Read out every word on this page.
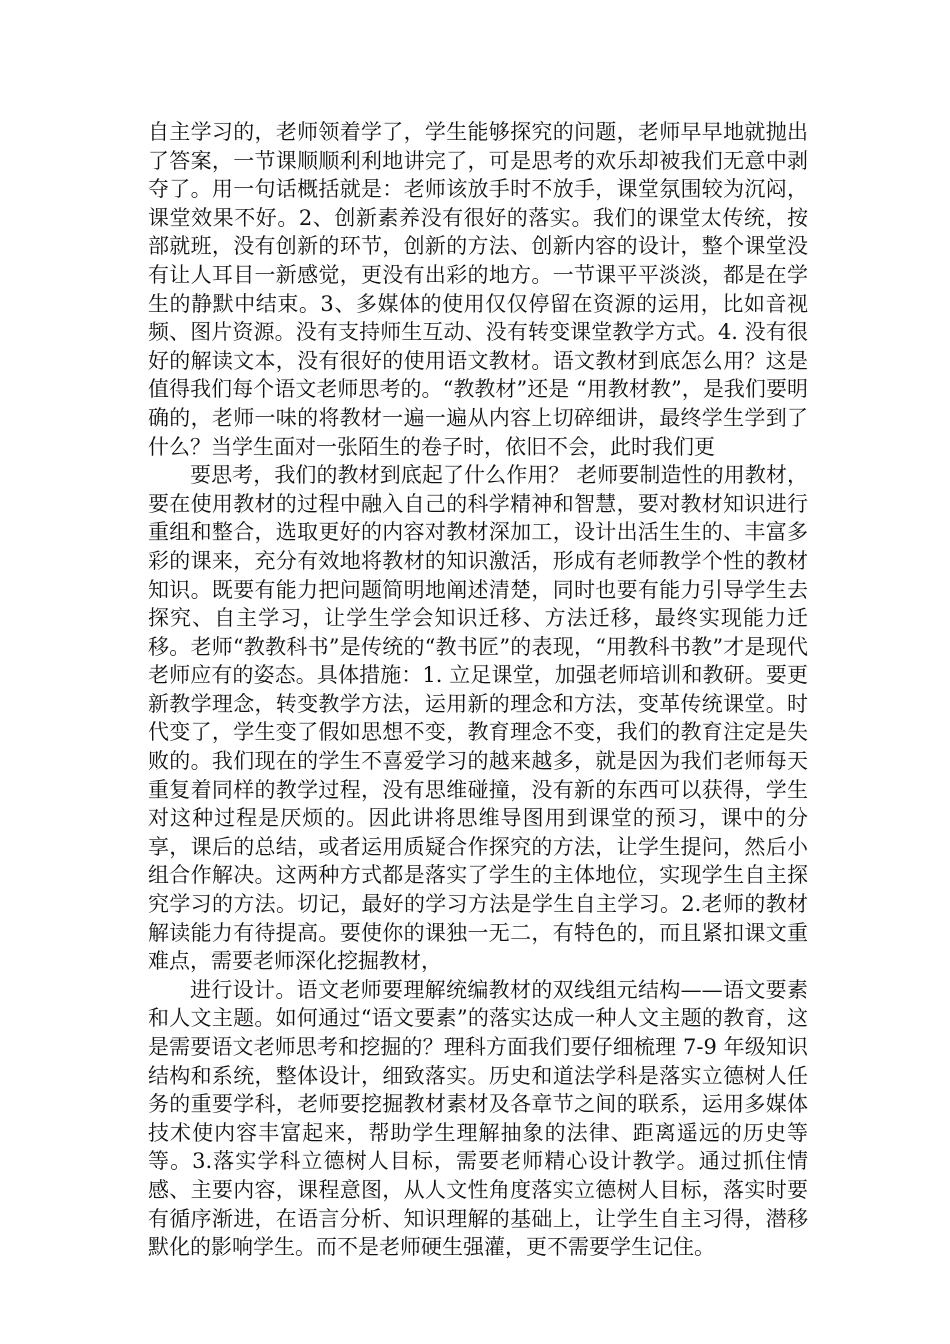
自主学习的，老师领着学了，学生能够探究的问题，老师早早地就抛出了答案，一节课顺顺利利地讲完了，可是思考的欢乐却被我们无意中剥夺了。用一句话概括就是：老师该放手时不放手，课堂氛围较为沉闷，课堂效果不好。2、创新素养没有很好的落实。我们的课堂太传统，按部就班，没有创新的环节，创新的方法、创新内容的设计，整个课堂没有让人耳目一新感觉，更没有出彩的地方。一节课平平淡淡，都是在学生的静默中结束。3、多媒体的使用仅仅停留在资源的运用，比如音视频、图片资源。没有支持师生互动、没有转变课堂教学方式。4. 没有很好的解读文本，没有很好的使用语文教材。语文教材到底怎么用？这是值得我们每个语文老师思考的。“教教材”还是 “用教材教”，是我们要明确的，老师一味的将教材一遍一遍从内容上切碎细讲，最终学生学到了什么？当学生面对一张陌生的卷子时，依旧不会，此时我们更

要思考，我们的教材到底起了什么作用？ 老师要制造性的用教材，要在使用教材的过程中融入自己的科学精神和智慧，要对教材知识进行重组和整合，选取更好的内容对教材深加工，设计出活生生的、丰富多彩的课来，充分有效地将教材的知识激活，形成有老师教学个性的教材知识。既要有能力把问题简明地阐述清楚，同时也要有能力引导学生去探究、自主学习，让学生学会知识迁移、方法迁移，最终实现能力迁移。老师“教教科书”是传统的“教书匠”的表现，“用教科书教”才是现代老师应有的姿态。具体措施：1. 立足课堂，加强老师培训和教研。要更新教学理念，转变教学方法，运用新的理念和方法，变革传统课堂。时代变了，学生变了假如思想不变，教育理念不变，我们的教育注定是失败的。我们现在的学生不喜爱学习的越来越多，就是因为我们老师每天重复着同样的教学过程，没有思维碰撞，没有新的东西可以获得，学生对这种过程是厌烦的。因此讲将思维导图用到课堂的预习，课中的分享，课后的总结，或者运用质疑合作探究的方法，让学生提问，然后小组合作解决。这两种方式都是落实了学生的主体地位，实现学生自主探究学习的方法。切记，最好的学习方法是学生自主学习。2.老师的教材解读能力有待提高。要使你的课独一无二，有特色的，而且紧扣课文重难点，需要老师深化挖掘教材，

进行设计。语文老师要理解统编教材的双线组元结构——语文要素和人文主题。如何通过“语文要素”的落实达成一种人文主题的教育，这是需要语文老师思考和挖掘的？理科方面我们要仔细梳理 7-9 年级知识结构和系统，整体设计，细致落实。历史和道法学科是落实立德树人任务的重要学科，老师要挖掘教材素材及各章节之间的联系，运用多媒体技术使内容丰富起来，帮助学生理解抽象的法律、距离遥远的历史等等。3.落实学科立德树人目标，需要老师精心设计教学。通过抓住情感、主要内容，课程意图，从人文性角度落实立德树人目标，落实时要有循序渐进，在语言分析、知识理解的基础上，让学生自主习得，潜移默化的影响学生。而不是老师硬生强灌，更不需要学生记住。
